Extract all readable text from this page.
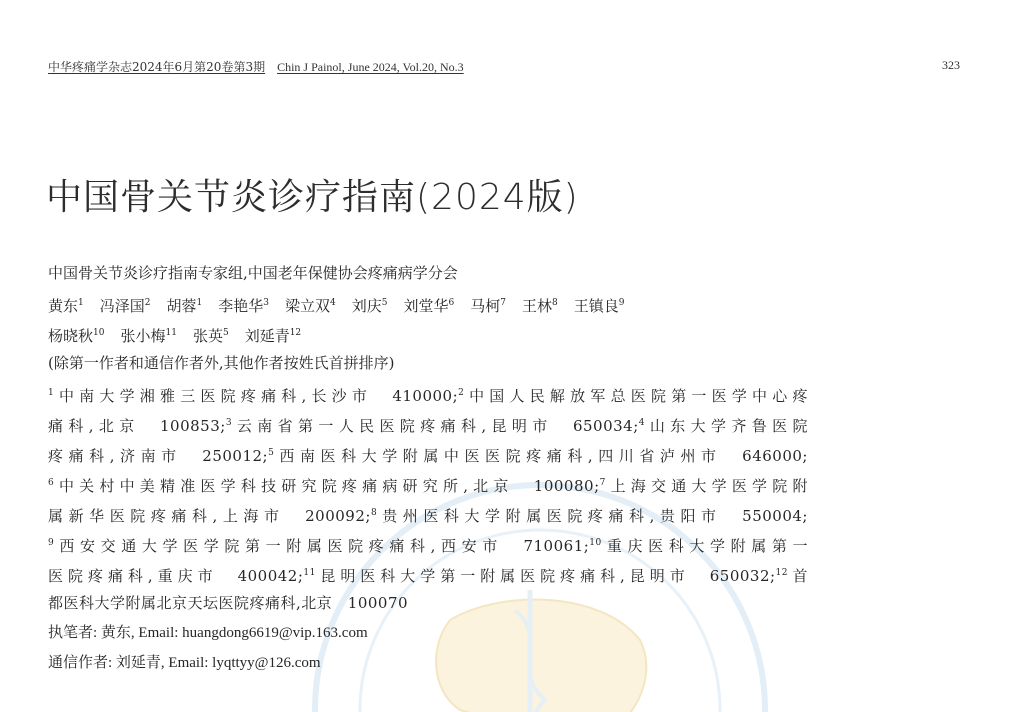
中华疼痛学杂志2024年6月第20卷第3期 Chin J Painol, June 2024, Vol.20, No.3	323
中国骨关节炎诊疗指南(2024版)
中国骨关节炎诊疗指南专家组,中国老年保健协会疼痛病学分会
黄东$^1$ 冯泽国$^2$ 胡蓉$^1$ 李艳华$^3$ 梁立双$^4$ 刘庆$^5$ 刘堂华$^6$ 马柯$^7$ 王林$^8$ 王镇良$^9$
杨晓秋$^{10}$ 张小梅$^{11}$ 张英$^5$ 刘延青$^{12}$
(除第一作者和通信作者外,其他作者按姓氏首拼排序)
$^1$中南大学湘雅三医院疼痛科,长沙市　410000;$^2$中国人民解放军总医院第一医学中心疼
痛科,北京　100853;$^3$云南省第一人民医院疼痛科,昆明市　650034;$^4$山东大学齐鲁医院
疼痛科,济南市　250012;$^5$西南医科大学附属中医医院疼痛科,四川省泸州市　646000;
$^6$中关村中美精准医学科技研究院疼痛病研究所,北京　100080;$^7$上海交通大学医学院附
属新华医院疼痛科,上海市　200092;$^8$贵州医科大学附属医院疼痛科,贵阳市　550004;
$^9$西安交通大学医学院第一附属医院疼痛科,西安市　710061;$^{10}$重庆医科大学附属第一
医院疼痛科,重庆市　400042;$^{11}$昆明医科大学第一附属医院疼痛科,昆明市　650032;$^{12}$首
都医科大学附属北京天坛医院疼痛科,北京　100070
执笔者: 黄东, Email: huangdong6619@vip.163.com
通信作者: 刘延青, Email: lyqttyy@126.com
